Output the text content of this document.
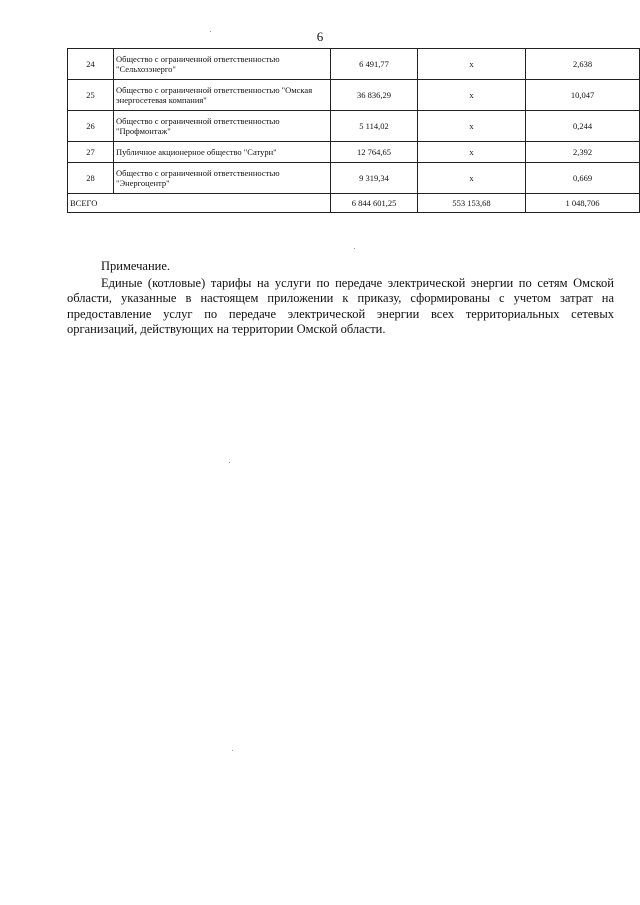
6
24	Общество с ограниченной ответственностью "Сельхозэнерго"	6 491,77	x	2,638
25	Общество с ограниченной ответственностью "Омская энергосетевая компания"	36 836,29	x	10,047
26	Общество с ограниченной ответственностью "Профмонтаж"	5 114,02	x	0,244
27	Публичное акционерное общество "Сатурн"	12 764,65	x	2,392
28	Общество с ограниченной ответственностью "Энергоцентр"	9 319,34	x	0,669
ВСЕГО		6 844 601,25	553 153,68	1 048,706

Примечание.

Единые (котловые) тарифы на услуги по передаче электрической энергии по сетям Омской области, указанные в настоящем приложении к приказу, сформированы с учетом затрат на предоставление услуг по передаче электрической энергии всех территориальных сетевых организаций, действующих на территории Омской области.
